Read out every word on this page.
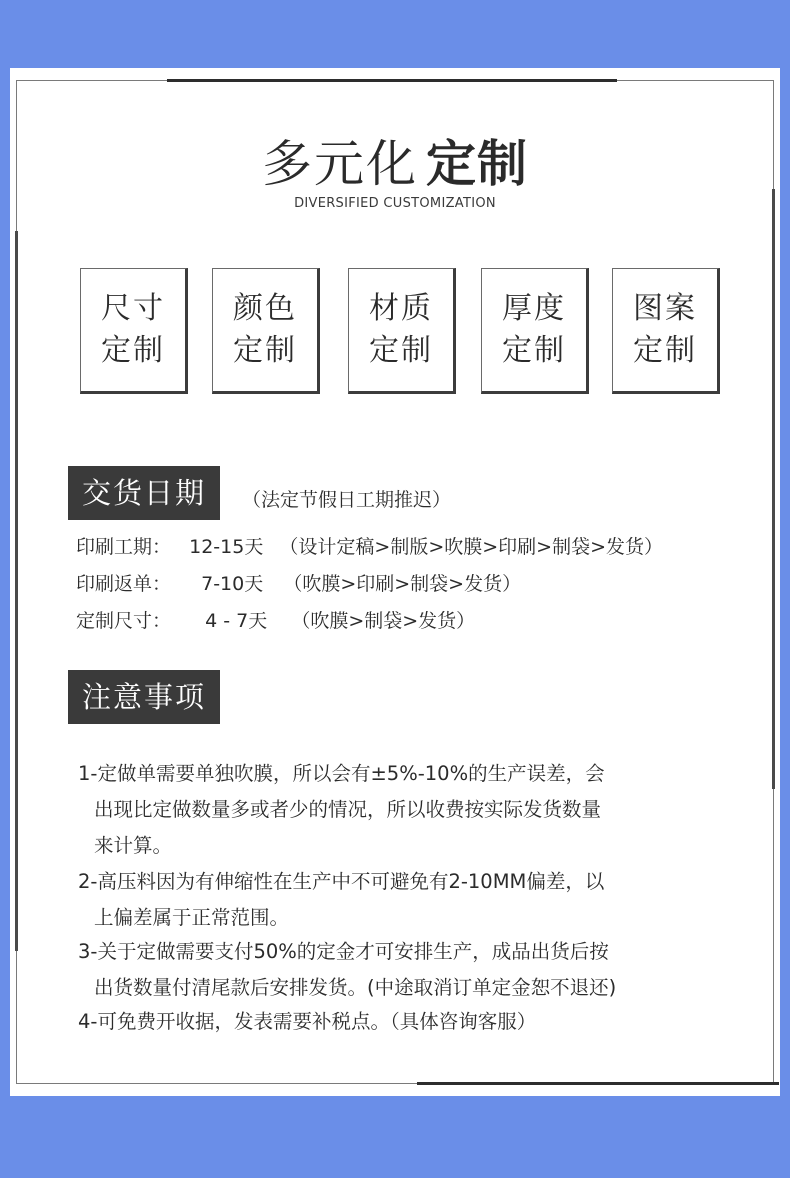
多元化 定制
DIVERSIFIED CUSTOMIZATION
尺寸
定制
颜色
定制
材质
定制
厚度
定制
图案
定制
交货日期	（法定节假日工期推迟）
印刷工期： 12-15天 （设计定稿>制版>吹膜>印刷>制袋>发货）
印刷返单： 7-10天 （吹膜>印刷>制袋>发货）
定制尺寸： 4 - 7天 （吹膜>制袋>发货）
注意事项
1-定做单需要单独吹膜，所以会有±5%-10%的生产误差，会
出现比定做数量多或者少的情况，所以收费按实际发货数量
来计算。
2-高压料因为有伸缩性在生产中不可避免有2-10MM偏差，以
上偏差属于正常范围。
3-关于定做需要支付50%的定金才可安排生产，成品出货后按
出货数量付清尾款后安排发货。(中途取消订单定金恕不退还)
4-可免费开收据，发表需要补税点。（具体咨询客服）
